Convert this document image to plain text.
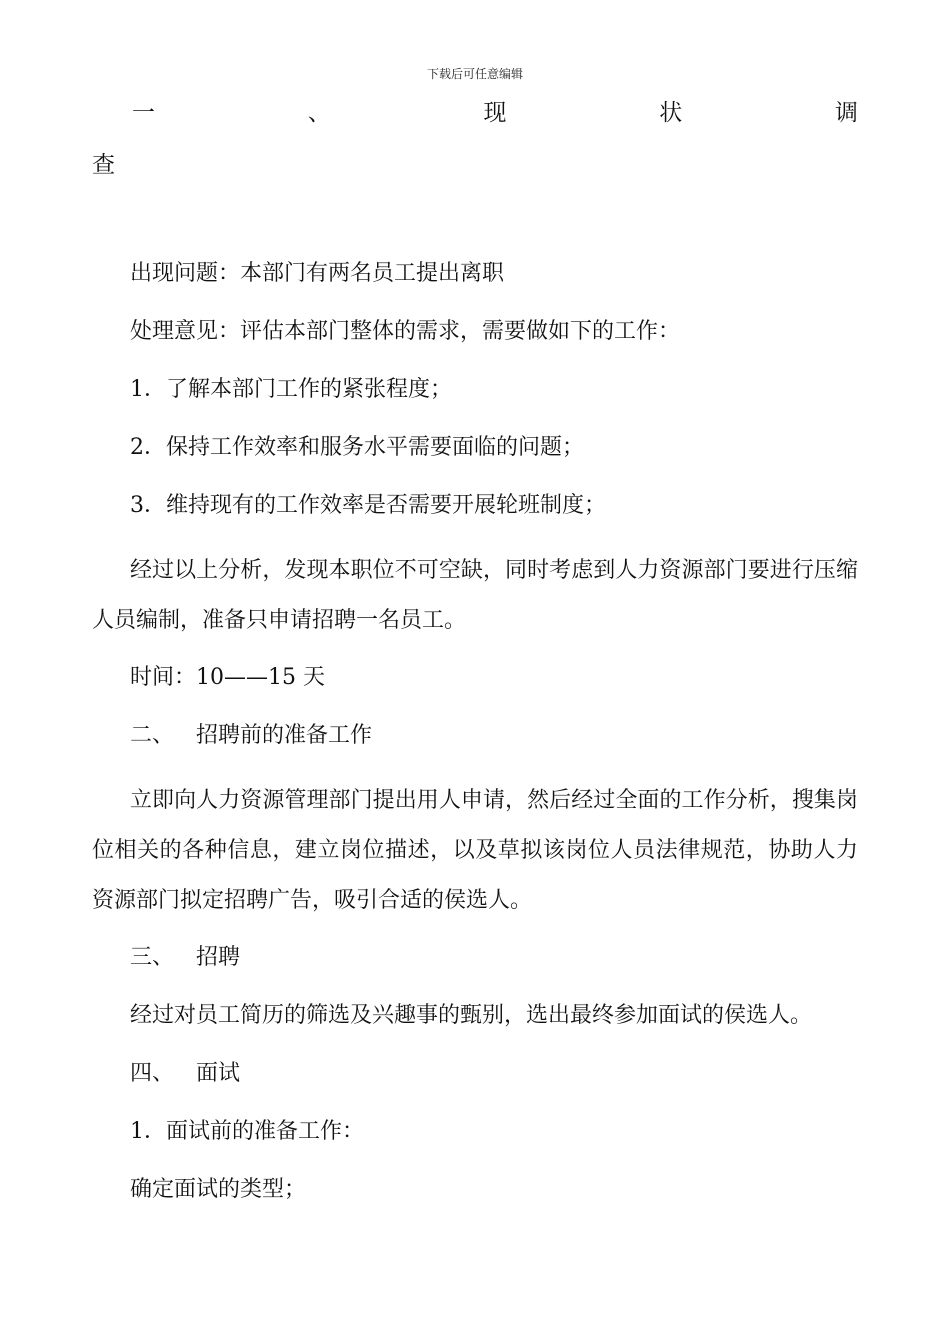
下载后可任意编辑
一	、	现	状	调
查

出现问题：本部门有两名员工提出离职

处理意见：评估本部门整体的需求，需要做如下的工作：

1．了解本部门工作的紧张程度；

2．保持工作效率和服务水平需要面临的问题；

3．维持现有的工作效率是否需要开展轮班制度；

经过以上分析，发现本职位不可空缺，同时考虑到人力资源部门要进行压缩人员编制，准备只申请招聘一名员工。

时间：10——15 天

二、 招聘前的准备工作

立即向人力资源管理部门提出用人申请，然后经过全面的工作分析，搜集岗位相关的各种信息，建立岗位描述，以及草拟该岗位人员法律规范，协助人力资源部门拟定招聘广告，吸引合适的侯选人。

三、 招聘

经过对员工简历的筛选及兴趣事的甄别，选出最终参加面试的侯选人。

四、 面试

1．面试前的准备工作：

确定面试的类型；
